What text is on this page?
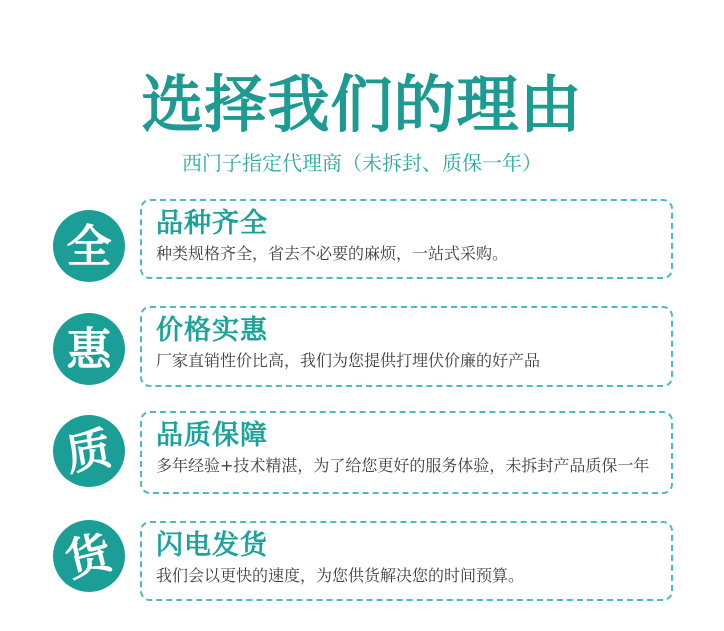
选择我们的理由
西门子指定代理商（未拆封、质保一年）
全 品种齐全
种类规格齐全，省去不必要的麻烦，一站式采购。
惠 价格实惠
厂家直销性价比高，我们为您提供打埋伏价廉的好产品
质 品质保障
多年经验+技术精湛，为了给您更好的服务体验，未拆封产品质保一年
货 闪电发货
我们会以更快的速度，为您供货解决您的时间预算。
